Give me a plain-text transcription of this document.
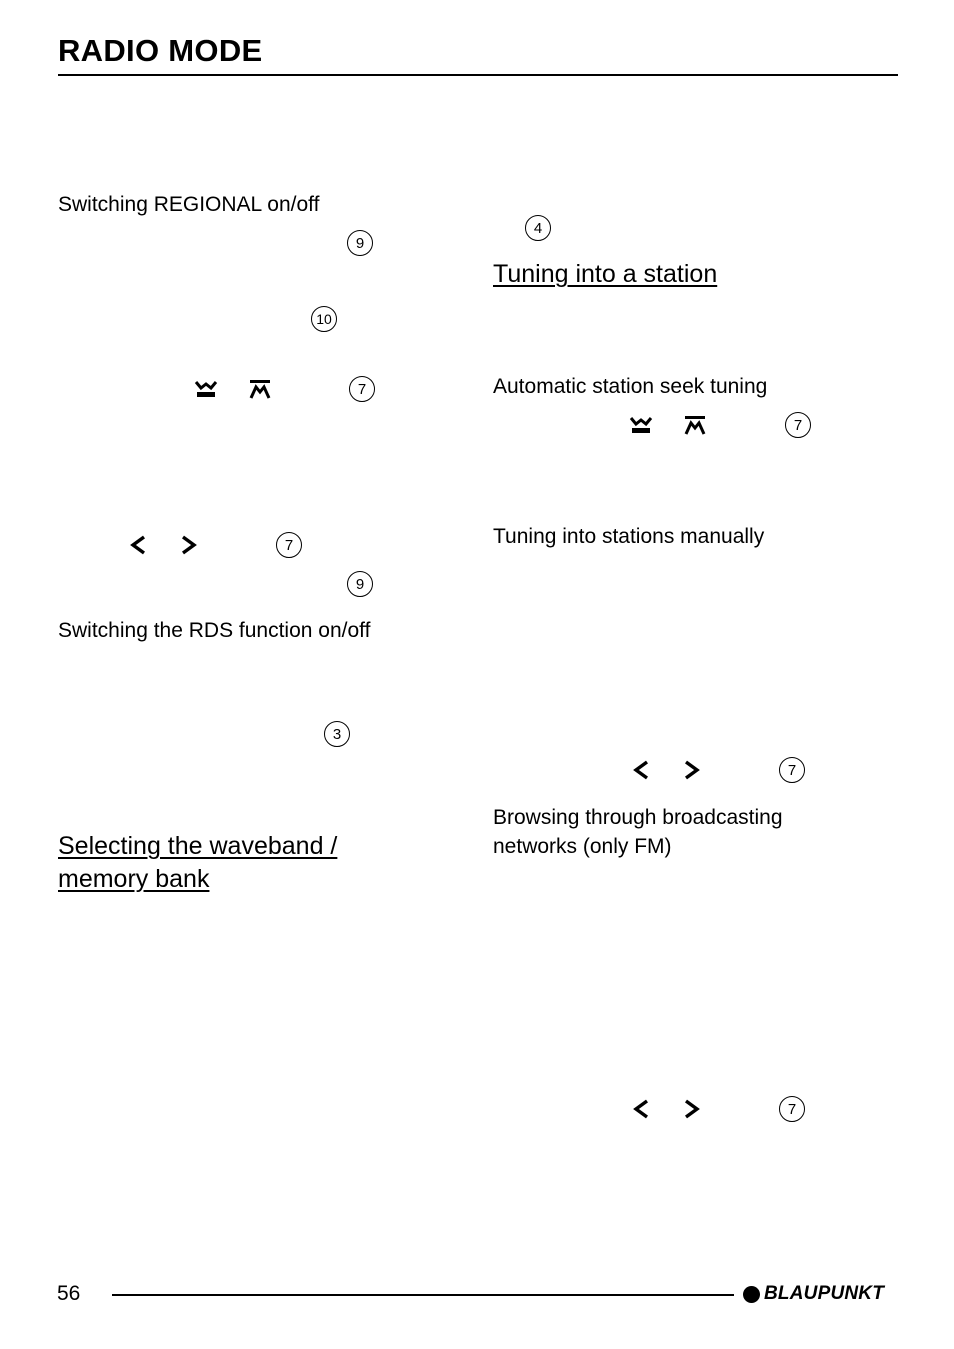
RADIO MODE
Switching REGIONAL on/off
9
10
7
7
9
Switching the RDS function on/off
3
Selecting the waveband /
memory bank
4
Tuning into a station
Automatic station seek tuning
7
Tuning into stations manually
7
Browsing through broadcasting
networks (only FM)
7
56	BLAUPUNKT
